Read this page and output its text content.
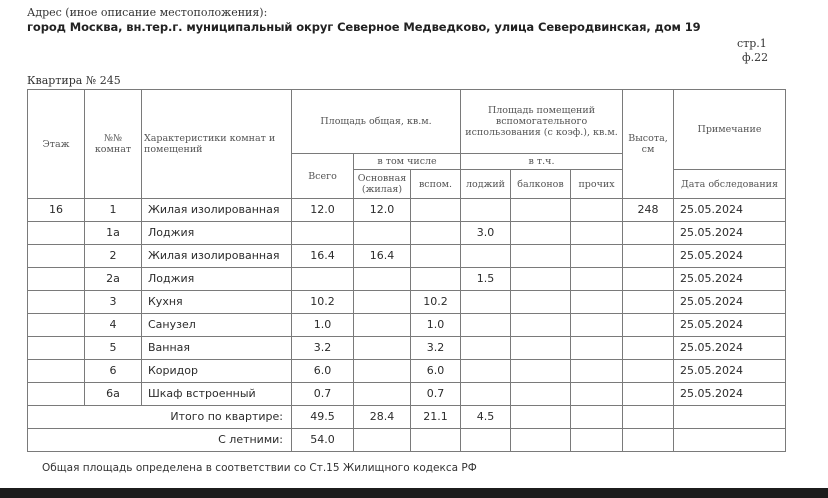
Адрес (иное описание местоположения):
город Москва, вн.тер.г. муниципальный округ Северное Медведково, улица Северодвинская, дом 19
стр.1
ф.22
Квартира № 245
Этаж	№№ комнат	Характеристики комнат и помещений	Площадь общая, кв.м.			Площадь помещений вспомогательного использования (с коэф.), кв.м.			Высота, см	Примечание
			Всего	в том числе		в т.ч.				
				Основная (жилая)	вспом.	лоджий	балконов	прочих		Дата обследования
16	1	Жилая изолированная	12.0	12.0					248	25.05.2024
	1а	Лоджия				3.0				25.05.2024
	2	Жилая изолированная	16.4	16.4						25.05.2024
	2а	Лоджия				1.5				25.05.2024
	3	Кухня	10.2		10.2					25.05.2024
	4	Санузел	1.0		1.0					25.05.2024
	5	Ванная	3.2		3.2					25.05.2024
	6	Коридор	6.0		6.0					25.05.2024
	6а	Шкаф встроенный	0.7		0.7					25.05.2024
Итого по квартире:			49.5	28.4	21.1	4.5				
С летними:			54.0							
Общая площадь определена в соответствии со Ст.15 Жилищного кодекса РФ
